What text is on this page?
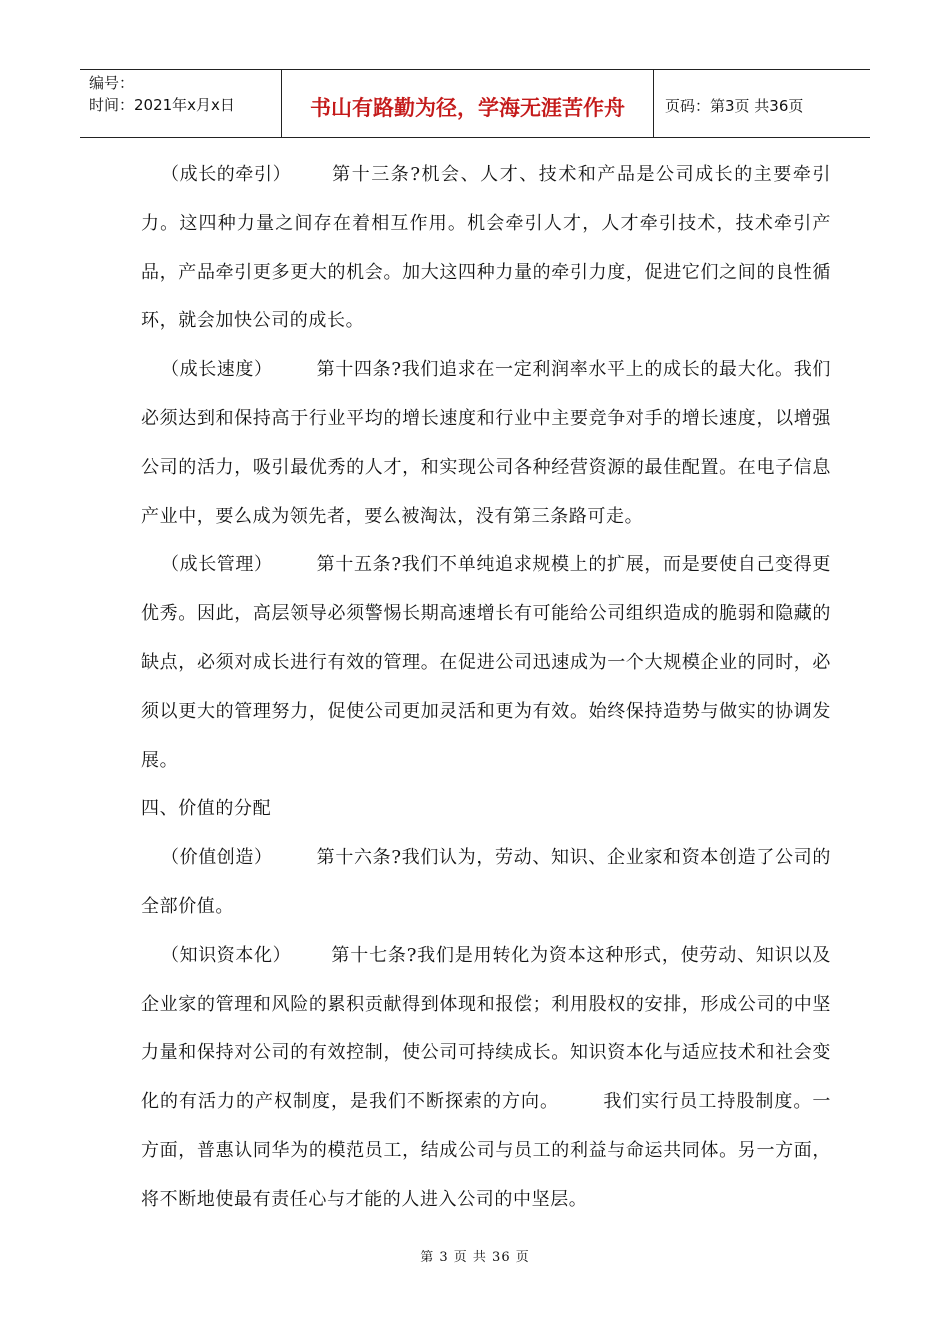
编号：
时间：2021年x月x日	书山有路勤为径，学海无涯苦作舟	页码：第3页 共36页

（成长的牵引） 第十三条?机会、人才、技术和产品是公司成长的主要牵引力。这四种力量之间存在着相互作用。机会牵引人才，人才牵引技术，技术牵引产品，产品牵引更多更大的机会。加大这四种力量的牵引力度，促进它们之间的良性循环，就会加快公司的成长。

（成长速度） 第十四条?我们追求在一定利润率水平上的成长的最大化。我们必须达到和保持高于行业平均的增长速度和行业中主要竞争对手的增长速度，以增强公司的活力，吸引最优秀的人才，和实现公司各种经营资源的最佳配置。在电子信息产业中，要么成为领先者，要么被淘汰，没有第三条路可走。

（成长管理） 第十五条?我们不单纯追求规模上的扩展，而是要使自己变得更优秀。因此，高层领导必须警惕长期高速增长有可能给公司组织造成的脆弱和隐藏的缺点，必须对成长进行有效的管理。在促进公司迅速成为一个大规模企业的同时，必须以更大的管理努力，促使公司更加灵活和更为有效。始终保持造势与做实的协调发展。

四、价值的分配

（价值创造） 第十六条?我们认为，劳动、知识、企业家和资本创造了公司的全部价值。

（知识资本化） 第十七条?我们是用转化为资本这种形式，使劳动、知识以及企业家的管理和风险的累积贡献得到体现和报偿；利用股权的安排，形成公司的中坚力量和保持对公司的有效控制，使公司可持续成长。知识资本化与适应技术和社会变化的有活力的产权制度，是我们不断探索的方向。 我们实行员工持股制度。一方面，普惠认同华为的模范员工，结成公司与员工的利益与命运共同体。另一方面，将不断地使最有责任心与才能的人进入公司的中坚层。

第 3 页 共 36 页
